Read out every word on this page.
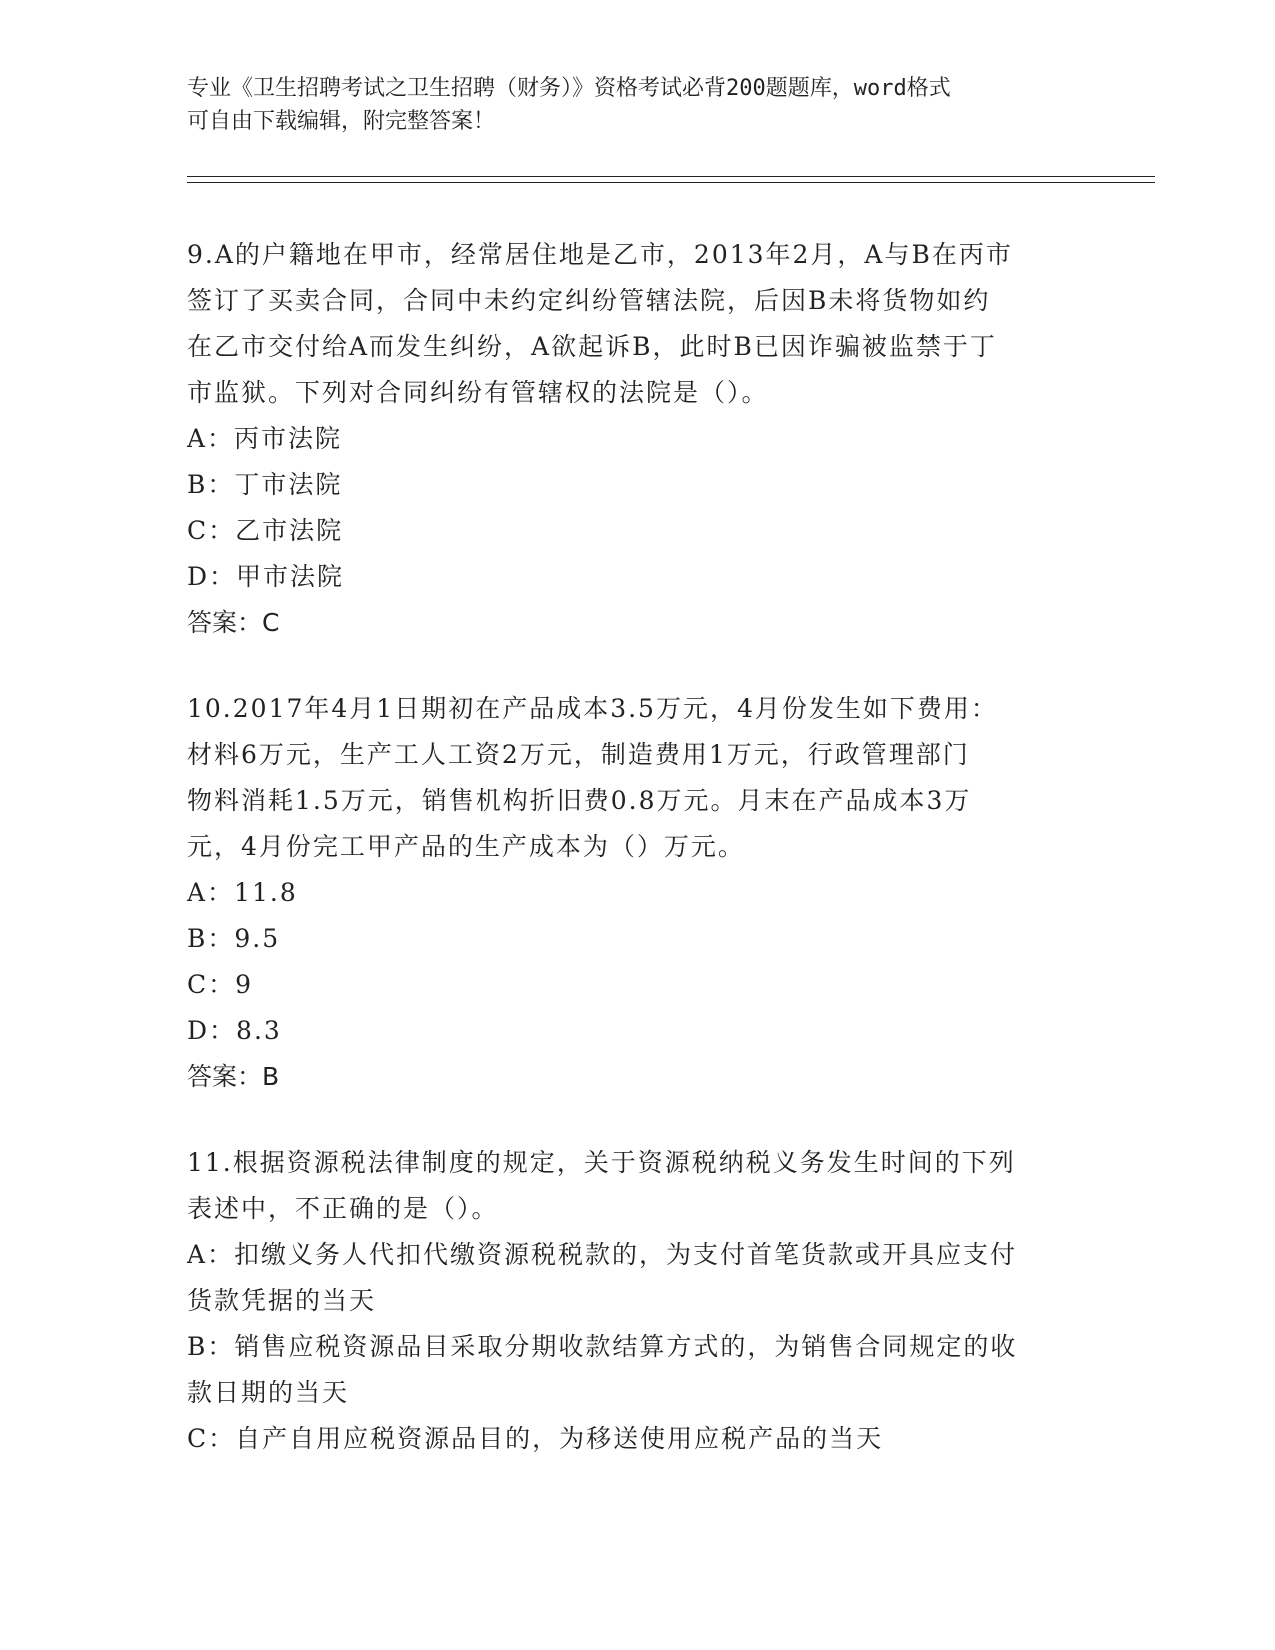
专业《卫生招聘考试之卫生招聘（财务）》资格考试必背200题题库，word格式
可自由下载编辑，附完整答案！
9.A的户籍地在甲市，经常居住地是乙市，2013年2月，A与B在丙市
签订了买卖合同，合同中未约定纠纷管辖法院，后因B未将货物如约
在乙市交付给A而发生纠纷，A欲起诉B，此时B已因诈骗被监禁于丁
市监狱。下列对合同纠纷有管辖权的法院是（）。
A：丙市法院
B：丁市法院
C：乙市法院
D：甲市法院
答案：C
10.2017年4月1日期初在产品成本3.5万元，4月份发生如下费用：
材料6万元，生产工人工资2万元，制造费用1万元，行政管理部门
物料消耗1.5万元，销售机构折旧费0.8万元。月末在产品成本3万
元，4月份完工甲产品的生产成本为（）万元。
A：11.8
B：9.5
C：9
D：8.3
答案：B
11.根据资源税法律制度的规定，关于资源税纳税义务发生时间的下列
表述中，不正确的是（）。
A：扣缴义务人代扣代缴资源税税款的，为支付首笔货款或开具应支付
货款凭据的当天
B：销售应税资源品目采取分期收款结算方式的，为销售合同规定的收
款日期的当天
C：自产自用应税资源品目的，为移送使用应税产品的当天
